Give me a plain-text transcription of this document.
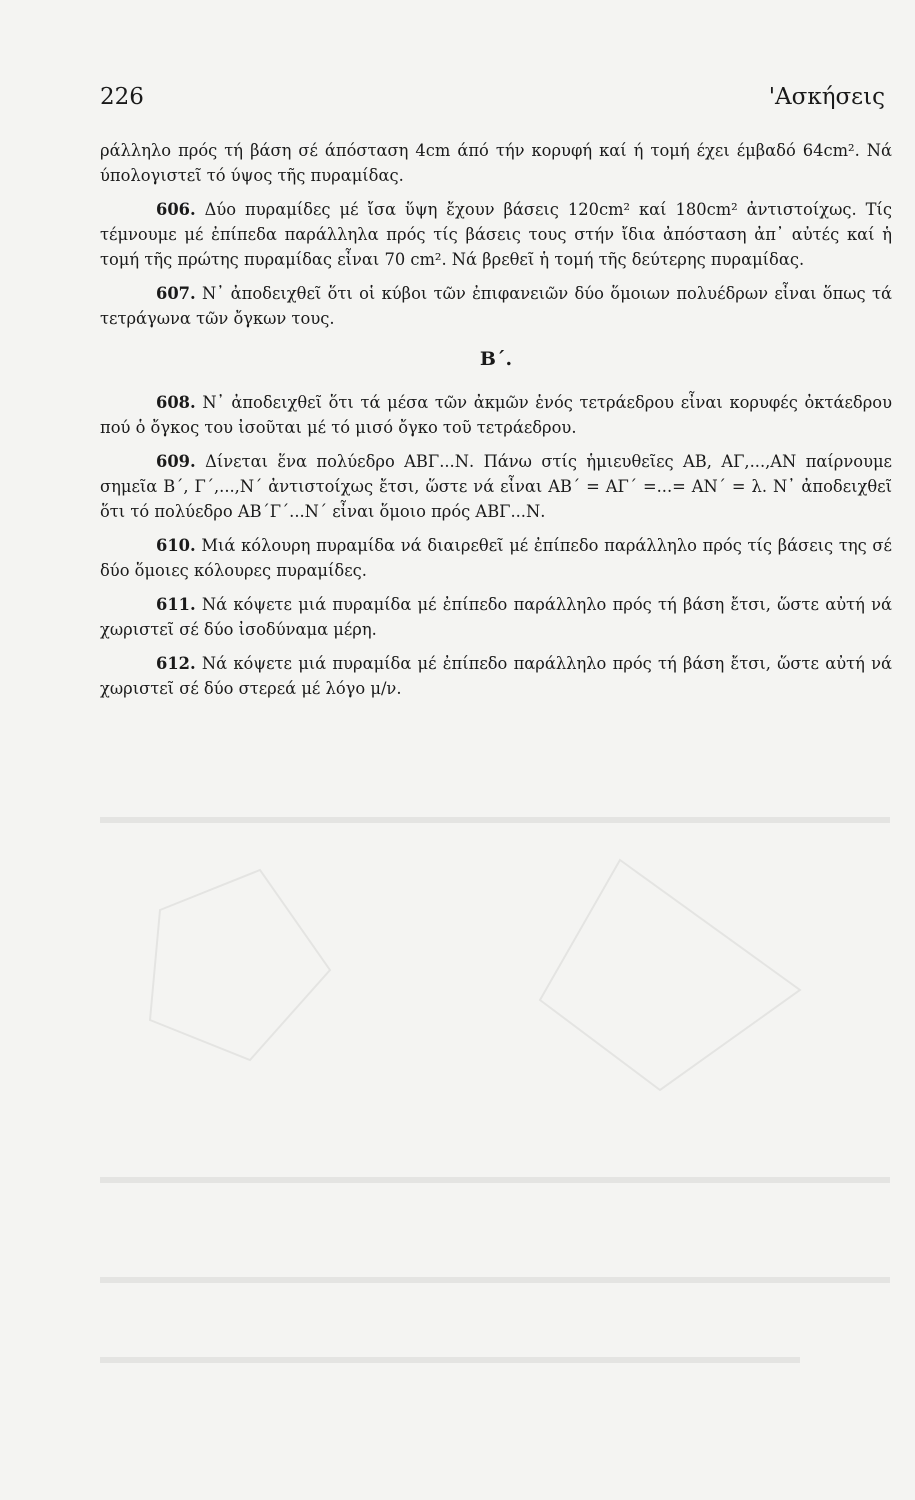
226	'Ασκήσεις

ράλληλο πρός τή βάση σέ άπόσταση 4cm άπό τήν κορυφή καί ή τομή έχει έμβαδό 64cm². Νά ύπολογιστεῖ τό ύψος τῆς πυραμίδας.

606. Δύο πυραμίδες μέ ἴσα ὕψη ἔχουν βάσεις 120cm² καί 180cm² ἀντιστοίχως. Τίς τέμνουμε μέ ἐπίπεδα παράλληλα πρός τίς βάσεις τους στήν ἴδια ἀπόσταση ἀπ᾿ αὐτές καί ἡ τομή τῆς πρώτης πυραμίδας εἶναι 70 cm². Νά βρεθεῖ ἡ τομή τῆς δεύτερης πυραμίδας.

607. Ν᾿ ἀποδειχθεῖ ὅτι οἱ κύβοι τῶν ἐπιφανειῶν δύο ὅμοιων πολυέδρων εἶναι ὅπως τά τετράγωνα τῶν ὄγκων τους.

Β΄.

608. Ν᾿ ἀποδειχθεῖ ὅτι τά μέσα τῶν ἀκμῶν ἑνός τετράεδρου εἶναι κορυφές ὀκτάεδρου πού ὁ ὄγκος του ἰσοῦται μέ τό μισό ὄγκο τοῦ τετράεδρου.

609. Δίνεται ἕνα πολύεδρο ΑΒΓ...Ν. Πάνω στίς ἡμιευθεῖες ΑΒ, ΑΓ,...,ΑΝ παίρνουμε σημεῖα Β΄, Γ΄,...,Ν΄ ἀντιστοίχως ἔτσι, ὥστε νά εἶναι ΑΒ΄ = ΑΓ΄ =...= ΑΝ΄ = λ. Ν᾿ ἀποδειχθεῖ ὅτι τό πολύεδρο ΑΒ΄Γ΄...Ν΄ εἶναι ὅμοιο πρός ΑΒΓ...Ν.

610. Μιά κόλουρη πυραμίδα νά διαιρεθεῖ μέ ἐπίπεδο παράλληλο πρός τίς βάσεις της σέ δύο ὅμοιες κόλουρες πυραμίδες.

611. Νά κόψετε μιά πυραμίδα μέ ἐπίπεδο παράλληλο πρός τή βάση ἔτσι, ὥστε αὐτή νά χωριστεῖ σέ δύο ἰσοδύναμα μέρη.

612. Νά κόψετε μιά πυραμίδα μέ ἐπίπεδο παράλληλο πρός τή βάση ἔτσι, ὥστε αὐτή νά χωριστεῖ σέ δύο στερεά μέ λόγο μ/ν.
